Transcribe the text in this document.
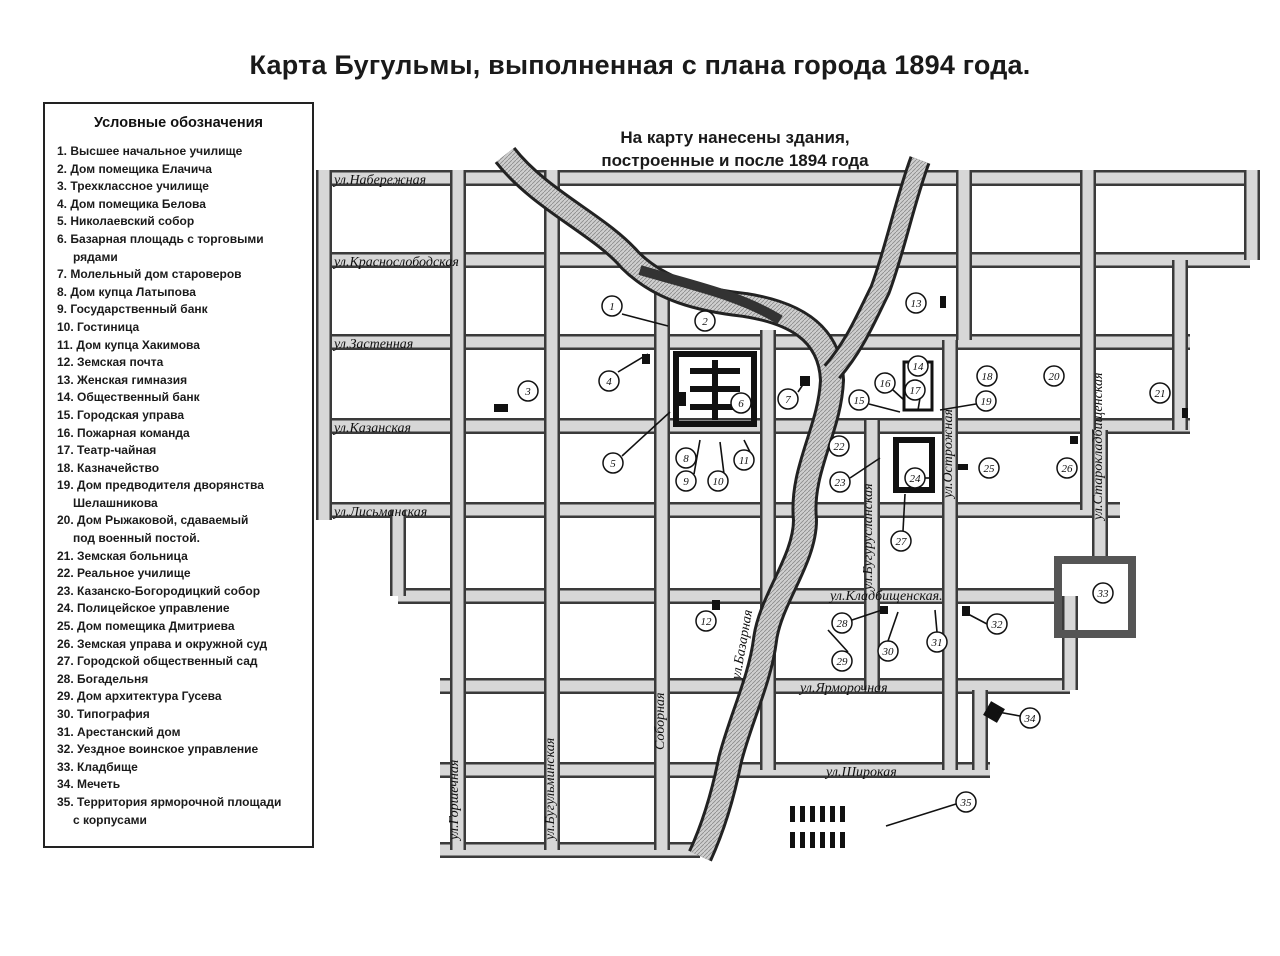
Карта Бугульмы, выполненная с плана города 1894 года.
На карту нанесены здания,
построенные и после 1894 года
Условные обозначения
1. Высшее начальное училище
2. Дом помещика Елачича
3. Трехклассное училище
4. Дом помещика Белова
5. Николаевский собор
6. Базарная площадь с торговыми
рядами
7. Молельный дом староверов
8. Дом купца Латыпова
9. Государственный банк
10. Гостиница
11. Дом купца Хакимова
12. Земская почта
13. Женская гимназия
14. Общественный банк
15. Городская управа
16. Пожарная команда
17. Театр-чайная
18. Казначейство
19. Дом предводителя дворянства
Шелашникова
20. Дом Рыжаковой, сдаваемый
под военный постой.
21. Земская больница
22. Реальное училище
23. Казанско-Богородицкий собор
24. Полицейское управление
25. Дом помещика Дмитриева
26. Земская управа и окружной суд
27. Городской общественный сад
28. Богадельня
29. Дом архитектура Гусева
30. Типография
31. Арестанский дом
32. Уездное воинское управление
33. Кладбище
34. Мечеть
35. Территория ярморочной площади
с корпусами
1
2
3
4
5
6	7
8
9 10
11
12
13
14
15
16
17
18
19
20
21
22
23	24
25	26
27
28
29
30
31
32
33
34
35
ул.Набережная
ул.Краснослободская
ул.Застенная
ул.Казанская
ул.Лисьманская
ул.Кладбищенская.
ул.Ярморочная
ул.Широкая
ул.Горшечная	ул.Бугульминская
Соборная
ул.Базарная
ул.Бугурусланская
ул.Острожная	ул.Старокладбищенская
